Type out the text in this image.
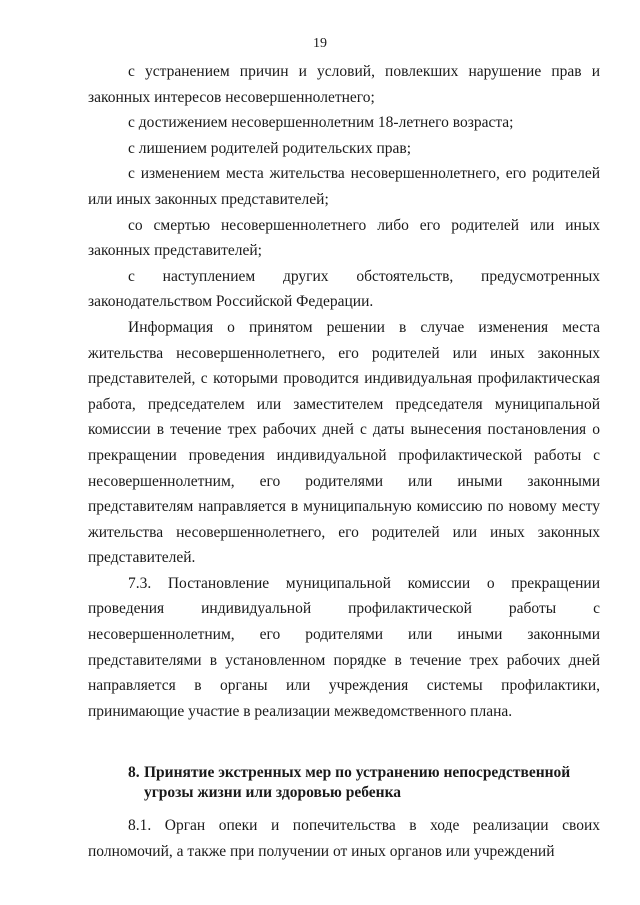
19

с устранением причин и условий, повлекших нарушение прав и законных интересов несовершеннолетнего;

с достижением несовершеннолетним 18-летнего возраста;

с лишением родителей родительских прав;

с изменением места жительства несовершеннолетнего, его родителей или иных законных представителей;

со смертью несовершеннолетнего либо его родителей или иных законных представителей;

с наступлением других обстоятельств, предусмотренных законодательством Российской Федерации.

Информация о принятом решении в случае изменения места жительства несовершеннолетнего, его родителей или иных законных представителей, с которыми проводится индивидуальная профилактическая работа, председателем или заместителем председателя муниципальной комиссии в течение трех рабочих дней с даты вынесения постановления о прекращении проведения индивидуальной профилактической работы с несовершеннолетним, его родителями или иными законными представителям направляется в муниципальную комиссию по новому месту жительства несовершеннолетнего, его родителей или иных законных представителей.

7.3. Постановление муниципальной комиссии о прекращении проведения индивидуальной профилактической работы с несовершеннолетним, его родителями или иными законными представителями в установленном порядке в течение трех рабочих дней направляется в органы или учреждения системы профилактики, принимающие участие в реализации межведомственного плана.

8. Принятие экстренных мер по устранению непосредственной
угрозы жизни или здоровью ребенка

8.1. Орган опеки и попечительства в ходе реализации своих полномочий, а также при получении от иных органов или учреждений
